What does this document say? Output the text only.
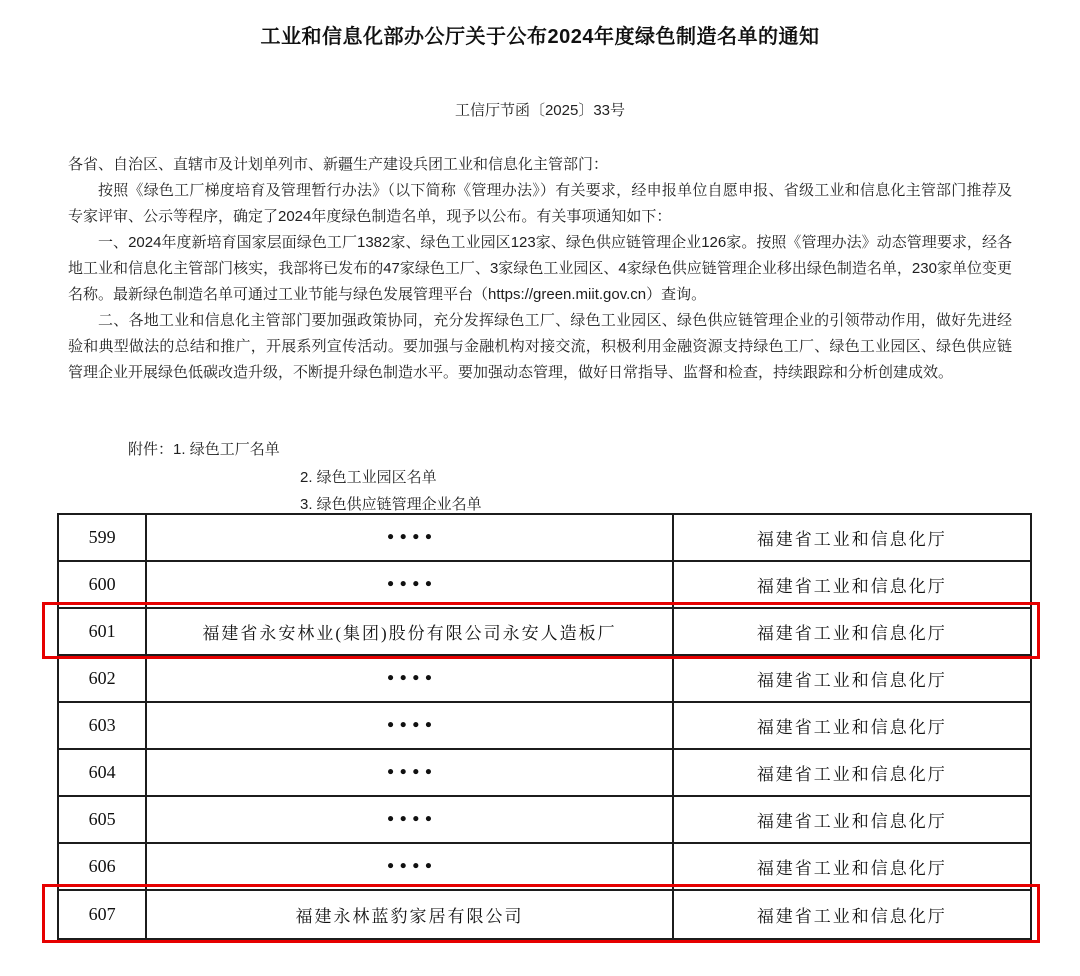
工业和信息化部办公厅关于公布2024年度绿色制造名单的通知
工信厅节函〔2025〕33号

各省、自治区、直辖市及计划单列市、新疆生产建设兵团工业和信息化主管部门：

按照《绿色工厂梯度培育及管理暂行办法》（以下简称《管理办法》）有关要求，经申报单位自愿申报、省级工业和信息化主管部门推荐及专家评审、公示等程序，确定了2024年度绿色制造名单，现予以公布。有关事项通知如下：

一、2024年度新培育国家层面绿色工厂1382家、绿色工业园区123家、绿色供应链管理企业126家。按照《管理办法》动态管理要求，经各地工业和信息化主管部门核实，我部将已发布的47家绿色工厂、3家绿色工业园区、4家绿色供应链管理企业移出绿色制造名单，230家单位变更名称。最新绿色制造名单可通过工业节能与绿色发展管理平台（https://green.miit.gov.cn）查询。

二、各地工业和信息化主管部门要加强政策协同，充分发挥绿色工厂、绿色工业园区、绿色供应链管理企业的引领带动作用，做好先进经验和典型做法的总结和推广，开展系列宣传活动。要加强与金融机构对接交流，积极利用金融资源支持绿色工厂、绿色工业园区、绿色供应链管理企业开展绿色低碳改造升级，不断提升绿色制造水平。要加强动态管理，做好日常指导、监督和检查，持续跟踪和分析创建成效。

附件：1. 绿色工厂名单
2. 绿色工业园区名单
3. 绿色供应链管理企业名单
599	••••	福建省工业和信息化厅
600	••••	福建省工业和信息化厅
601	福建省永安林业(集团)股份有限公司永安人造板厂	福建省工业和信息化厅
602	••••	福建省工业和信息化厅
603	••••	福建省工业和信息化厅
604	••••	福建省工业和信息化厅
605	••••	福建省工业和信息化厅
606	••••	福建省工业和信息化厅
607	福建永林蓝豹家居有限公司	福建省工业和信息化厅
